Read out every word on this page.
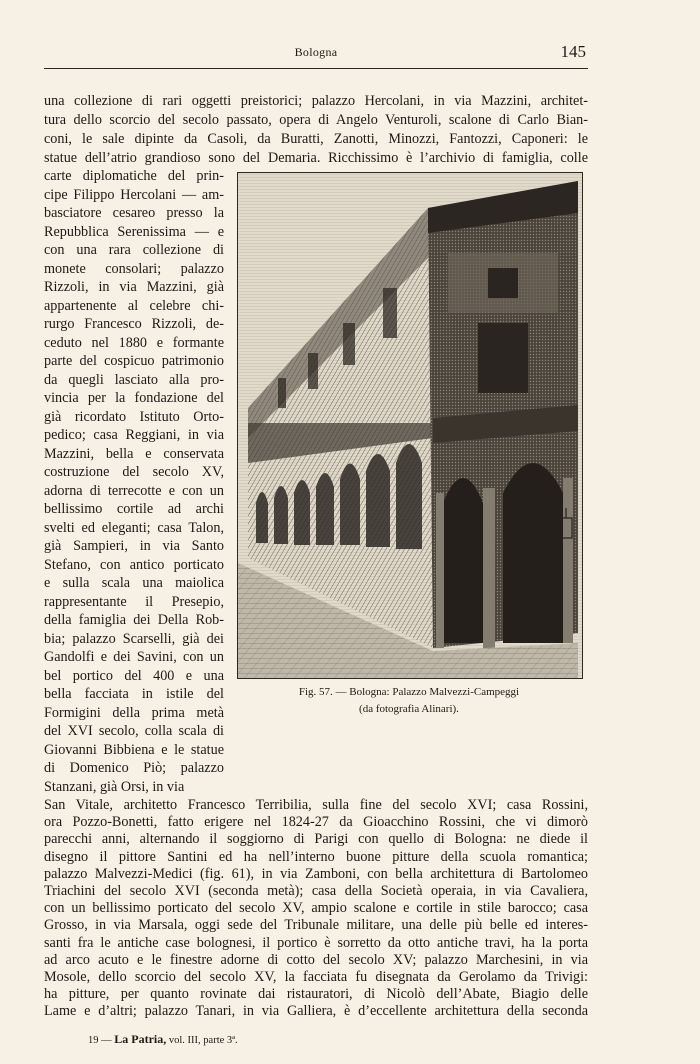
Bologna	145
una collezione di rari oggetti preistorici; palazzo Hercolani, in via Mazzini, architet-
tura dello scorcio del secolo passato, opera di Angelo Venturoli, scalone di Carlo Bian-
coni, le sale dipinte da Casoli, da Buratti, Zanotti, Minozzi, Fantozzi, Caponeri: le
statue dell’atrio grandioso sono del Demaria. Ricchissimo è l’archivio di famiglia, colle
carte diplomatiche del prin-
cipe Filippo Hercolani — am-
basciatore cesareo presso la
Repubblica Serenissima — e
con una rara collezione di
monete consolari; palazzo
Rizzoli, in via Mazzini, già
appartenente al celebre chi-
rurgo Francesco Rizzoli, de-
ceduto nel 1880 e formante
parte del cospicuo patrimonio
da quegli lasciato alla pro-
vincia per la fondazione del
già ricordato Istituto Orto-
pedico; casa Reggiani, in via
Mazzini, bella e conservata
costruzione del secolo XV,
adorna di terrecotte e con un
bellissimo cortile ad archi
svelti ed eleganti; casa Talon,
già Sampieri, in via Santo
Stefano, con antico porticato
e sulla scala una maiolica
rappresentante il Presepio,
della famiglia dei Della Rob-
bia; palazzo Scarselli, già dei
Gandolfi e dei Savini, con un
bel portico del 400 e una
bella facciata in istile del
Formigini della prima metà
del XVI secolo, colla scala di
Giovanni Bibbiena e le statue
di Domenico Piò; palazzo
Stanzani, già Orsi, in via
Fig. 57. — Bologna: Palazzo Malvezzi-Campeggi
(da fotografia Alinari).
San Vitale, architetto Francesco Terribilia, sulla fine del secolo XVI; casa Rossini,
ora Pozzo-Bonetti, fatto erigere nel 1824-27 da Gioacchino Rossini, che vi dimorò
parecchi anni, alternando il soggiorno di Parigi con quello di Bologna: ne diede il
disegno il pittore Santini ed ha nell’interno buone pitture della scuola romantica;
palazzo Malvezzi-Medici (fig. 61), in via Zamboni, con bella architettura di Bartolomeo
Triachini del secolo XVI (seconda metà); casa della Società operaia, in via Cavaliera,
con un bellissimo porticato del secolo XV, ampio scalone e cortile in stile barocco; casa
Grosso, in via Marsala, oggi sede del Tribunale militare, una delle più belle ed interes-
santi fra le antiche case bolognesi, il portico è sorretto da otto antiche travi, ha la porta
ad arco acuto e le finestre adorne di cotto del secolo XV; palazzo Marchesini, in via
Mosole, dello scorcio del secolo XV, la facciata fu disegnata da Gerolamo da Trivigi:
ha pitture, per quanto rovinate dai ristauratori, di Nicolò dell’Abate, Biagio delle
Lame e d’altri; palazzo Tanari, in via Galliera, è d’eccellente architettura della seconda
19 — La Patria, vol. III, parte 3ª.
